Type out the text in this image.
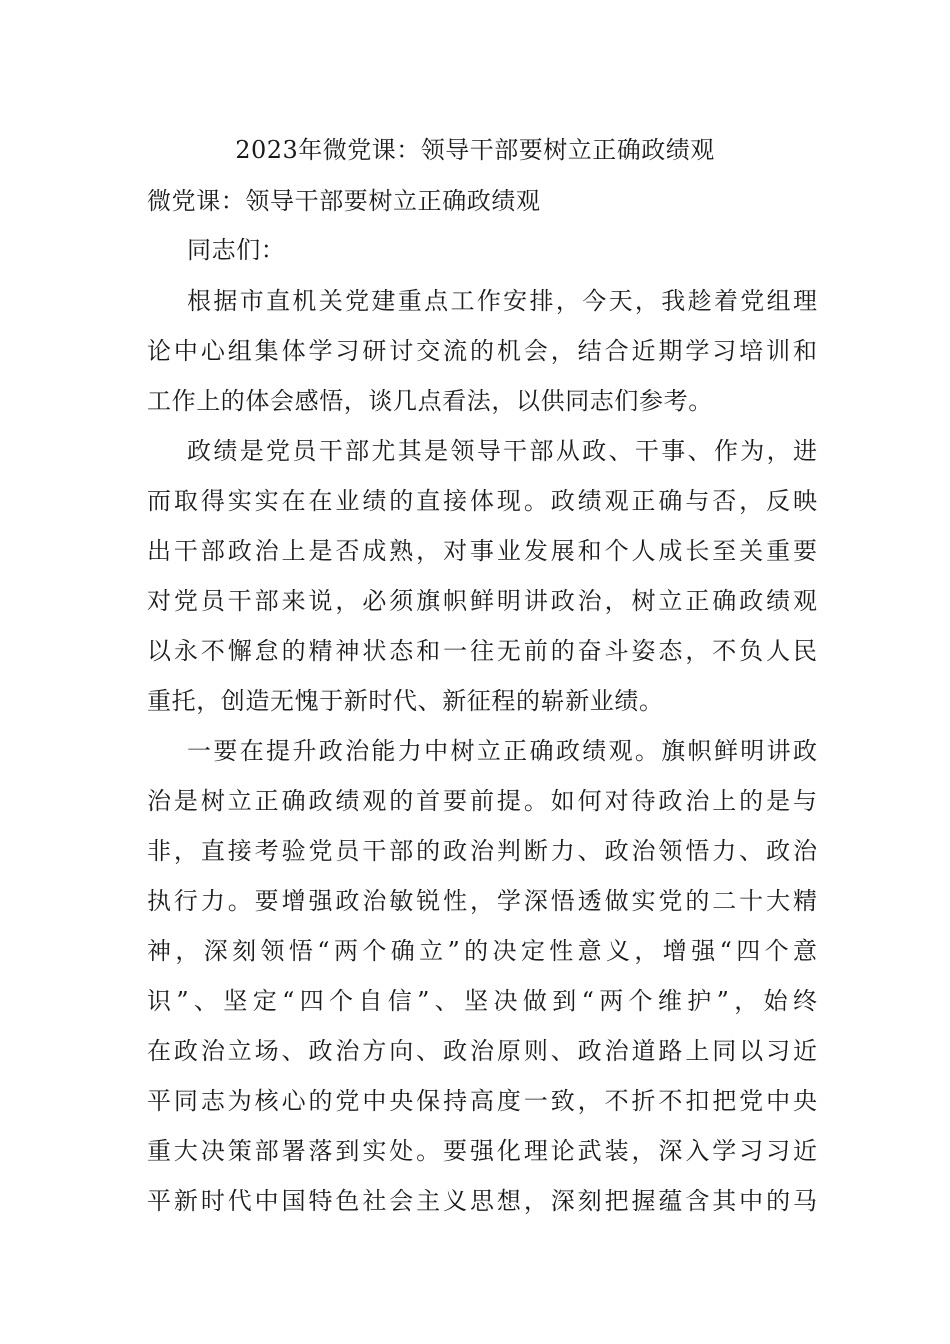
2023年微党课：领导干部要树立正确政绩观
微党课：领导干部要树立正确政绩观
同志们：
根据市直机关党建重点工作安排，今天，我趁着党组理
论中心组集体学习研讨交流的机会，结合近期学习培训和
工作上的体会感悟，谈几点看法，以供同志们参考。
政绩是党员干部尤其是领导干部从政、干事、作为，进
而取得实实在在业绩的直接体现。政绩观正确与否，反映
出干部政治上是否成熟，对事业发展和个人成长至关重要
对党员干部来说，必须旗帜鲜明讲政治，树立正确政绩观
以永不懈怠的精神状态和一往无前的奋斗姿态，不负人民
重托，创造无愧于新时代、新征程的崭新业绩。
一要在提升政治能力中树立正确政绩观。旗帜鲜明讲政
治是树立正确政绩观的首要前提。如何对待政治上的是与
非，直接考验党员干部的政治判断力、政治领悟力、政治
执行力。要增强政治敏锐性，学深悟透做实党的二十大精
神，深刻领悟“两个确立”的决定性意义，增强“四个意
识”、坚定“四个自信”、坚决做到“两个维护”，始终
在政治立场、政治方向、政治原则、政治道路上同以习近
平同志为核心的党中央保持高度一致，不折不扣把党中央
重大决策部署落到实处。要强化理论武装，深入学习习近
平新时代中国特色社会主义思想，深刻把握蕴含其中的马
